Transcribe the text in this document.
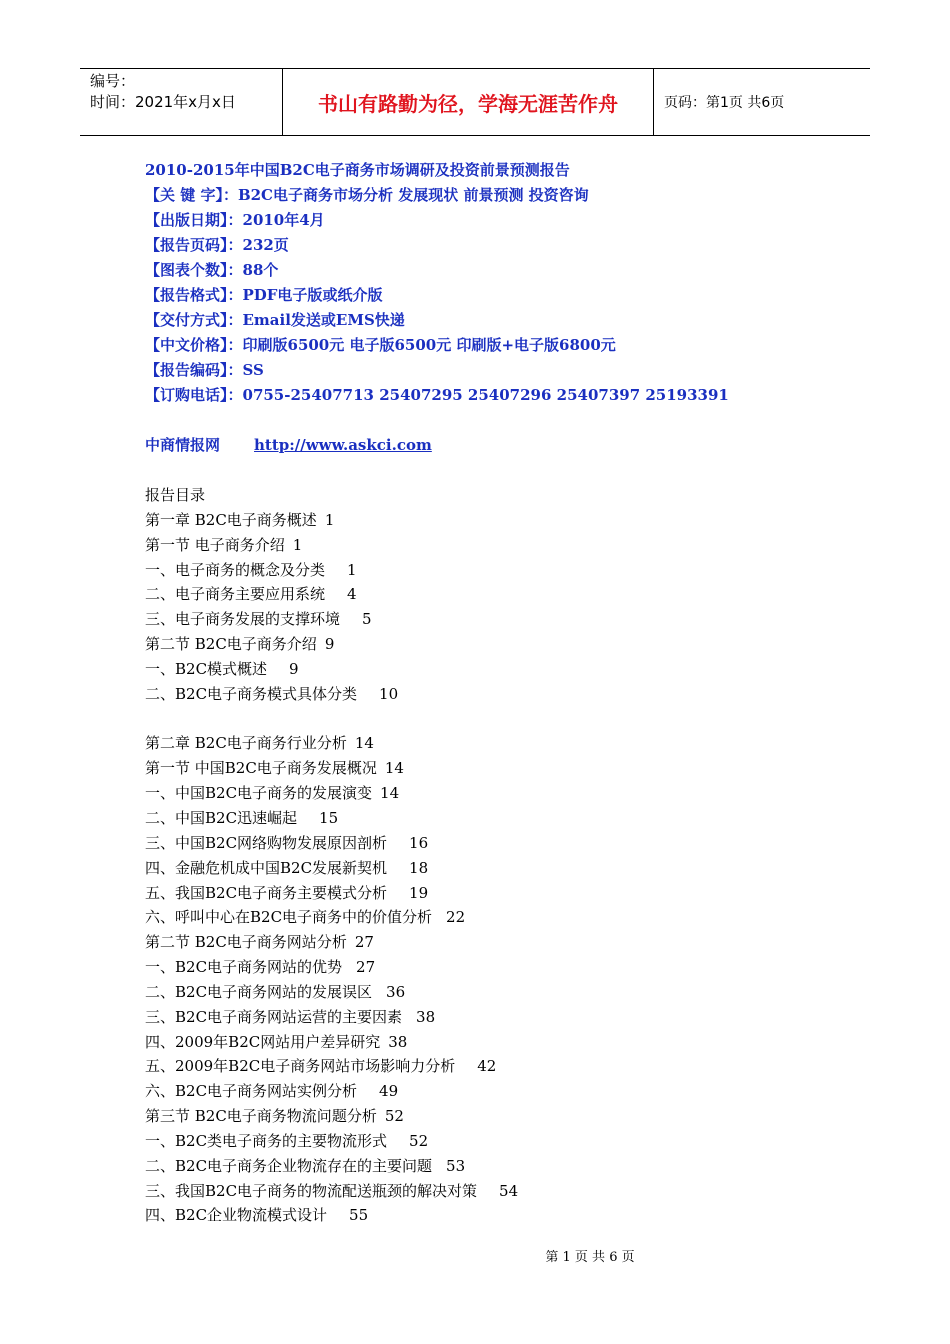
编号：
时间：2021年x月x日	书山有路勤为径，学海无涯苦作舟	页码：第1页 共6页
2010-2015年中国B2C电子商务市场调研及投资前景预测报告
【关 键 字】：B2C电子商务市场分析 发展现状 前景预测 投资咨询
【出版日期】：2010年4月
【报告页码】：232页
【图表个数】：88个
【报告格式】：PDF电子版或纸介版
【交付方式】：Email发送或EMS快递
【中文价格】：印刷版6500元 电子版6500元 印刷版+电子版6800元
【报告编码】：SS
【订购电话】：0755-25407713 25407295 25407296 25407397 25193391
中商情报网 http://www.askci.com
报告目录
第一章 B2C电子商务概述 1
第一节 电子商务介绍 1
一、电子商务的概念及分类 1
二、电子商务主要应用系统 4
三、电子商务发展的支撑环境 5
第二节 B2C电子商务介绍 9
一、B2C模式概述 9
二、B2C电子商务模式具体分类 10
第二章 B2C电子商务行业分析 14
第一节 中国B2C电子商务发展概况 14
一、中国B2C电子商务的发展演变 14
二、中国B2C迅速崛起 15
三、中国B2C网络购物发展原因剖析 16
四、金融危机成中国B2C发展新契机 18
五、我国B2C电子商务主要模式分析 19
六、呼叫中心在B2C电子商务中的价值分析 22
第二节 B2C电子商务网站分析 27
一、B2C电子商务网站的优势 27
二、B2C电子商务网站的发展误区 36
三、B2C电子商务网站运营的主要因素 38
四、2009年B2C网站用户差异研究 38
五、2009年B2C电子商务网站市场影响力分析 42
六、B2C电子商务网站实例分析 49
第三节 B2C电子商务物流问题分析 52
一、B2C类电子商务的主要物流形式 52
二、B2C电子商务企业物流存在的主要问题 53
三、我国B2C电子商务的物流配送瓶颈的解决对策 54
四、B2C企业物流模式设计 55
第 1 页 共 6 页
